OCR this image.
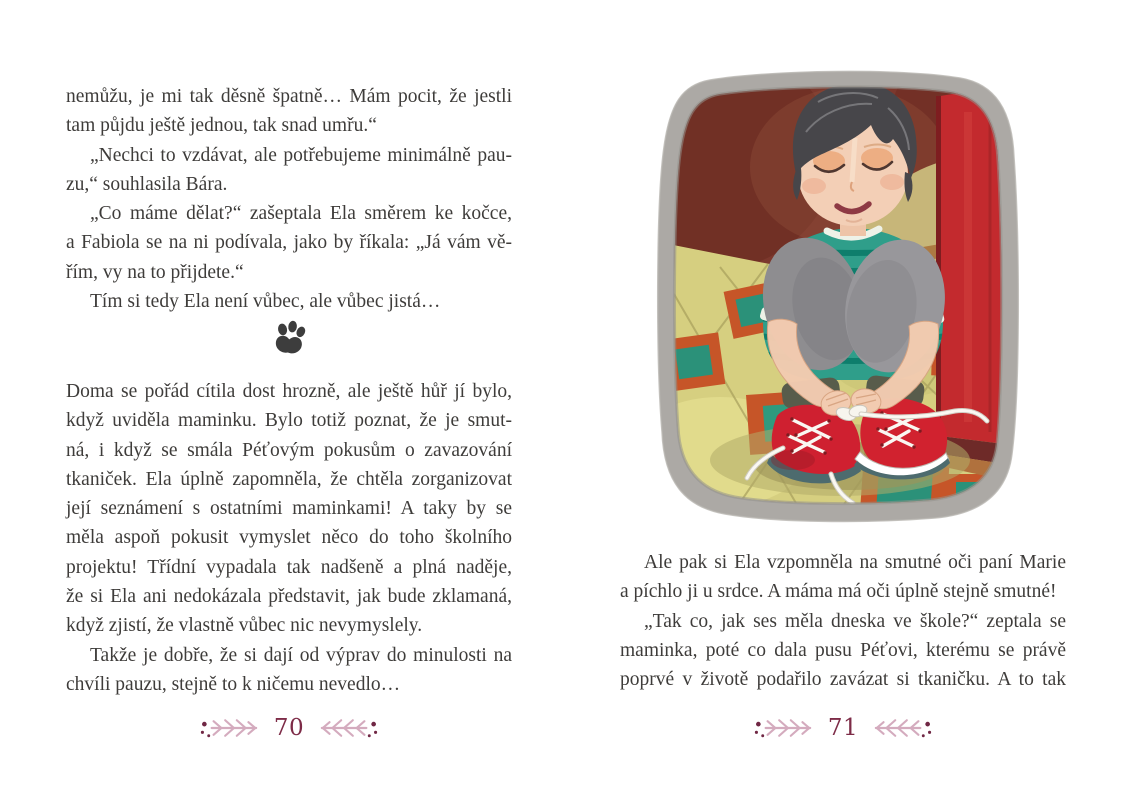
nemůžu, je mi tak děsně špatně… Mám pocit, že jestli
tam půjdu ještě jednou, tak snad umřu.“
„Nechci to vzdávat, ale potřebujeme minimálně pau-
zu,“ souhlasila Bára.
„Co máme dělat?“ zašeptala Ela směrem ke kočce,
a Fabiola se na ni podívala, jako by říkala: „Já vám vě-
řím, vy na to přijdete.“
Tím si tedy Ela není vůbec, ale vůbec jistá…
Doma se pořád cítila dost hrozně, ale ještě hůř jí bylo,
když uviděla maminku. Bylo totiž poznat, že je smut-
ná, i když se smála Péťovým pokusům o zavazování
tkaniček. Ela úplně zapomněla, že chtěla zorganizovat
její seznámení s ostatními maminkami! A taky by se
měla aspoň pokusit vymyslet něco do toho školního
projektu! Třídní vypadala tak nadšeně a plná naděje,
že si Ela ani nedokázala představit, jak bude zklamaná,
když zjistí, že vlastně vůbec nic nevymyslely.
Takže je dobře, že si dají od výprav do minulosti na
chvíli pauzu, stejně to k ničemu nevedlo…
70
Ale pak si Ela vzpomněla na smutné oči paní Marie
a píchlo ji u srdce. A máma má oči úplně stejně smutné!
„Tak co, jak ses měla dneska ve škole?“ zeptala se
maminka, poté co dala pusu Péťovi, kterému se právě
poprvé v životě podařilo zavázat si tkaničku. A to tak
71
